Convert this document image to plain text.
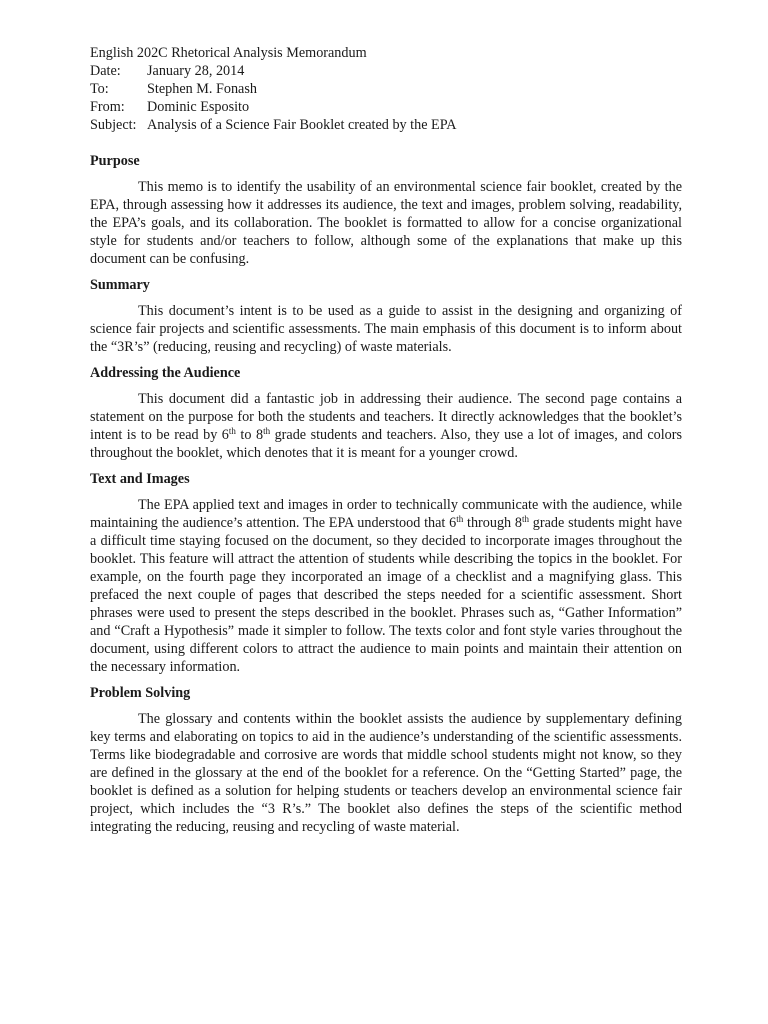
English 202C Rhetorical Analysis Memorandum
Date: January 28, 2014
To:	Stephen M. Fonash
From: Dominic Esposito
Subject: Analysis of a Science Fair Booklet created by the EPA
Purpose

This memo is to identify the usability of an environmental science fair booklet, created by the EPA, through assessing how it addresses its audience, the text and images, problem solving, readability, the EPA’s goals, and its collaboration. The booklet is formatted to allow for a concise organizational style for students and/or teachers to follow, although some of the explanations that make up this document can be confusing.

Summary

This document’s intent is to be used as a guide to assist in the designing and organizing of science fair projects and scientific assessments. The main emphasis of this document is to inform about the “3R’s” (reducing, reusing and recycling) of waste materials.

Addressing the Audience

This document did a fantastic job in addressing their audience. The second page contains a statement on the purpose for both the students and teachers. It directly acknowledges that the booklet’s intent is to be read by 6th to 8th grade students and teachers. Also, they use a lot of images, and colors throughout the booklet, which denotes that it is meant for a younger crowd.

Text and Images

The EPA applied text and images in order to technically communicate with the audience, while maintaining the audience’s attention. The EPA understood that 6th through 8th grade students might have a difficult time staying focused on the document, so they decided to incorporate images throughout the booklet. This feature will attract the attention of students while describing the topics in the booklet. For example, on the fourth page they incorporated an image of a checklist and a magnifying glass. This prefaced the next couple of pages that described the steps needed for a scientific assessment. Short phrases were used to present the steps described in the booklet. Phrases such as, “Gather Information” and “Craft a Hypothesis” made it simpler to follow. The texts color and font style varies throughout the document, using different colors to attract the audience to main points and maintain their attention on the necessary information.

Problem Solving

The glossary and contents within the booklet assists the audience by supplementary defining key terms and elaborating on topics to aid in the audience’s understanding of the scientific assessments. Terms like biodegradable and corrosive are words that middle school students might not know, so they are defined in the glossary at the end of the booklet for a reference. On the “Getting Started” page, the booklet is defined as a solution for helping students or teachers develop an environmental science fair project, which includes the “3 R’s.” The booklet also defines the steps of the scientific method integrating the reducing, reusing and recycling of waste material.
